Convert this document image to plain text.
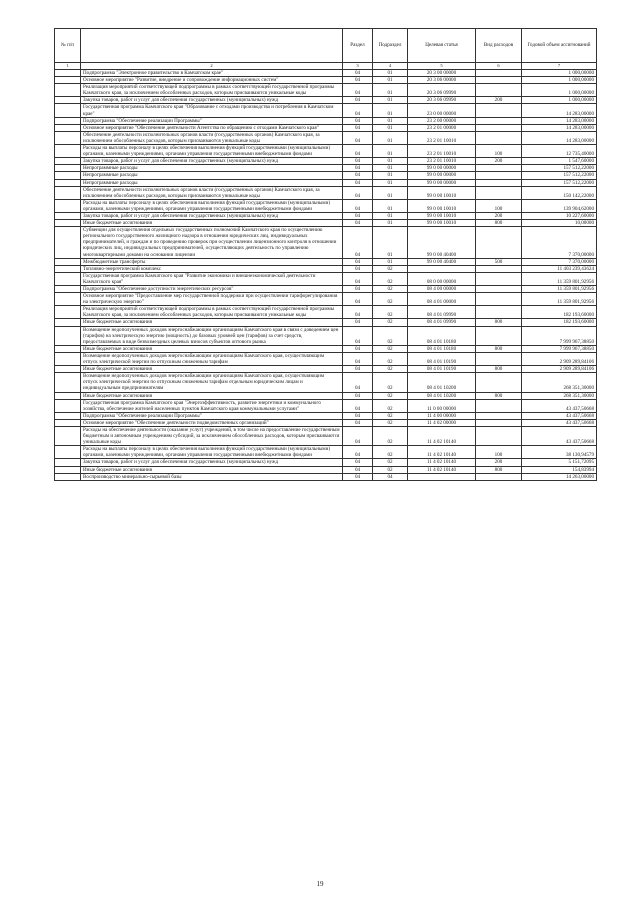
№ п/п		Раздел	Подраздел	Целевая статья	Вид расходов	Годовой объем ассигнований
1	2	3	4	5	6	7
	Подпрограмма "Электронное правительство в Камчатском крае"	04	01	20 3 00 00000		1 000,00000
	Основное мероприятие "Развитие, внедрение и сопровождение информационных систем"	04	01	20 3 06 00000		1 000,00000
	Реализация мероприятий соответствующей подпрограммы в рамках соответствующей государственной программы Камчатского края, за исключением обособленных расходов, которым присваиваются уникальные коды	04	01	20 3 06 09990		1 000,00000
	Закупка товаров, работ и услуг для обеспечения государственных (муниципальных) нужд	04	01	20 3 06 09990	200	1 000,00000
	Государственная программа Камчатского края "Образование с отходами производства и потребления в Камчатском крае"	04	01	23 0 00 00000		14 283,00000
	Подпрограмма "Обеспечение реализации Программы"	04	01	23 2 00 00000		14 283,00000
	Основное мероприятие "Обеспечение деятельности Агентства по обращению с отходами Камчатского края"	04	01	23 2 01 00000		14 283,00000
	Обеспечение деятельности исполнительных органов власти (государственных органов) Камчатского края, за исключением обособленных расходов, которым присваиваются уникальные коды	04	01	23 2 01 10010		14 283,00000
	Расходы на выплаты персоналу в целях обеспечения выполнения функций государственными (муниципальными) органами, казенными учреждениями, органами управления государственными внебюджетными фондами	04	01	23 2 01 10010	100	12 735,40000
	Закупка товаров, работ и услуг для обеспечения государственных (муниципальных) нужд	04	01	23 2 01 10010	200	1 547,60000
	Непрограммные расходы	04	01	99 0 00 00000		157 512,22000
	Непрограммные расходы	04	01	99 0 00 00000		157 512,22000
	Непрограммные расходы	04	01	99 0 00 00000		157 512,22000
	Обеспечение деятельности исполнительных органов власти (государственных органов) Камчатского края, за исключением обособленных расходов, которым присваиваются уникальные коды	04	01	99 0 00 10010		150 142,22000
	Расходы на выплаты персоналу в целях обеспечения выполнения функций государственными (муниципальными) органами, казенными учреждениями, органами управления государственными внебюджетными фондами	04	01	99 0 00 10010	100	139 904,62000
	Закупка товаров, работ и услуг для обеспечения государственных (муниципальных) нужд	04	01	99 0 00 10010	200	10 227,60000
	Иные бюджетные ассигнования	04	01	99 0 00 10010	800	10,00000
	Субвенции для осуществления отдельных государственных полномочий Камчатского края по осуществлению регионального государственного жилищного надзора в отношении юридических лиц, индивидуальных предпринимателей, и граждан и по проведению проверок при осуществлении лицензионного контроля в отношении юридических лиц, индивидуальных предпринимателей, осуществляющих деятельность по управлению многоквартирными домами на основании лицензии	04	01	99 0 00 40400		7 370,00000
	Межбюджетные трансферты	04	01	99 0 00 40400	500	7 370,00000
	Топливно-энергетический комплекс	04	02			11 403 239,43624
	Государственная программа Камчатского края "Развитие экономики и внешнеэкономической деятельности Камчатского края"	04	02	08 0 00 00000		11 359 801,92956
	Подпрограмма "Обеспечение доступности энергетических ресурсов"	04	02	08 4 00 00000		11 359 801,92956
	Основное мероприятие "Предоставление мер государственной поддержки при осуществлении тарифорегулирования на электрическую энергию"	04	02	08 4 01 00000		11 359 801,92956
	Реализация мероприятий соответствующей подпрограммы в рамках соответствующей государственной программы Камчатского края, за исключением обособленных расходов, которым присваиваются уникальные коды	04	02	08 4 01 09990		182 193,60000
	Иные бюджетные ассигнования	04	02	08 4 01 09990	800	182 193,60000
	Возмещение недополученных доходов энергоснабжающим организациям Камчатского края в связи с доведением цен (тарифов) на электрическую энергию (мощность) до базовых уровней цен (тарифов) за счет средств, предоставляемых в виде безвозмездных целевых взносов субъектов оптового рынка	04	02	08 4 01 10180		7 999 967,38850
	Иные бюджетные ассигнования	04	02	08 4 01 10180	800	7 999 967,38850
	Возмещение недополученных доходов энергоснабжающим организациям Камчатского края, осуществляющим отпуск электрической энергии по отпускным сниженным тарифам	04	02	08 4 01 10190		2 909 289,84106
	Иные бюджетные ассигнования	04	02	08 4 01 10190	800	2 909 289,84106
	Возмещение недополученных доходов энергоснабжающим организациям Камчатского края, осуществляющим отпуск электрической энергии по отпускным сниженным тарифам отдельным юридическим лицам и индивидуальным предпринимателям	04	02	08 4 01 10200		268 351,30000
	Иные бюджетные ассигнования	04	02	08 4 01 10200	800	268 351,30000
	Государственная программа Камчатского края "Энергоэффективность, развитие энергетики и коммунального хозяйства, обеспечение жителей населенных пунктов Камчатского края коммунальными услугами"	04	02	11 0 00 00000		43 437,50668
	Подпрограмма "Обеспечение реализации Программы"	04	02	11 4 00 00000		43 437,50668
	Основное мероприятие "Обеспечение деятельности подведомственных организаций"	04	02	11 4 02 00000		43 437,50668
	Расходы на обеспечение деятельности (оказание услуг) учреждений, в том числе на предоставление государственным бюджетным и автономным учреждениям субсидий, за исключением обособленных расходов, которым присваиваются уникальные коды	04	02	11 4 02 10140		43 437,50668
	Расходы на выплаты персоналу в целях обеспечения выполнения функций государственными (муниципальными) органами, казенными учреждениями, органами управления государственными внебюджетными фондами	04	02	11 4 02 10140	100	38 130,94579
	Закупка товаров, работ и услуг для обеспечения государственных (муниципальных) нужд	04	02	11 4 02 10140	200	5 151,72095
	Иные бюджетные ассигнования	04	02	11 4 02 10140	800	154,83994
	Воспроизводство минерально-сырьевой базы	04	04			14 263,00000
19
